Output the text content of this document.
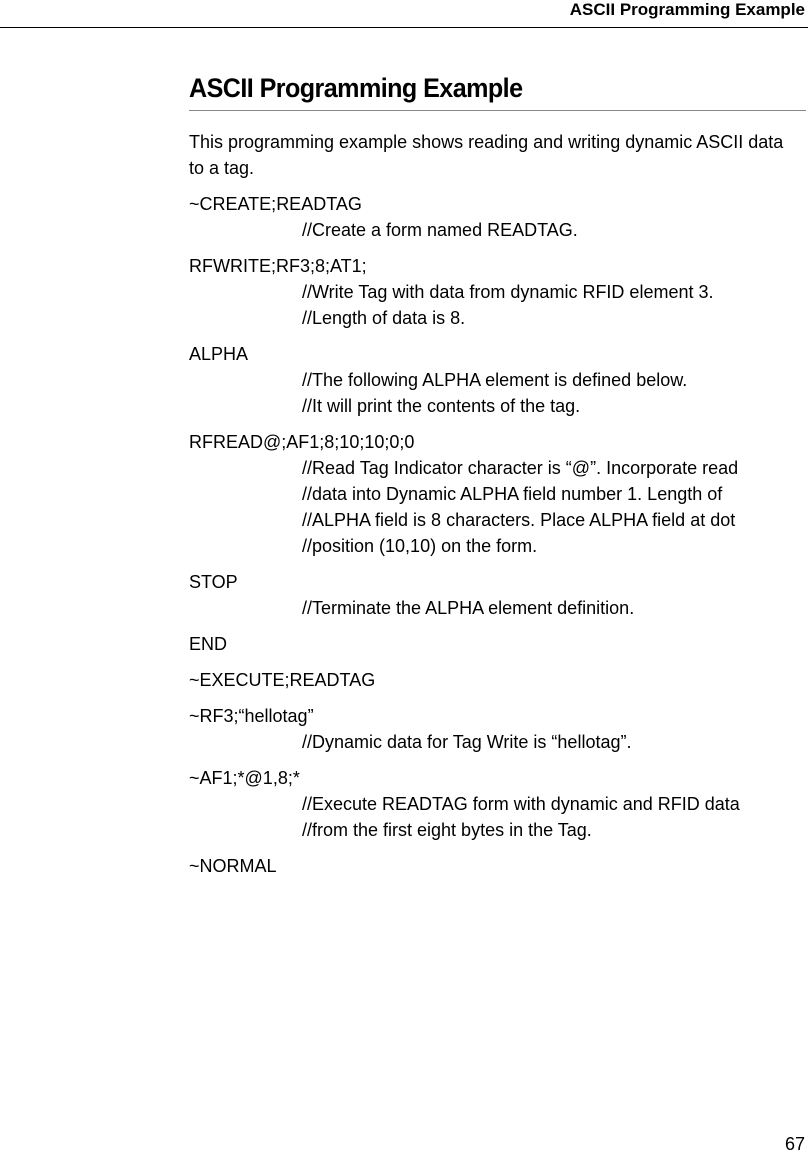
ASCII Programming Example
ASCII Programming Example

This programming example shows reading and writing dynamic ASCII data to a tag.

~CREATE;READTAG
//Create a form named READTAG.
RFWRITE;RF3;8;AT1;
//Write Tag with data from dynamic RFID element 3.
//Length of data is 8.
ALPHA
//The following ALPHA element is defined below.
//It will print the contents of the tag.
RFREAD@;AF1;8;10;10;0;0
//Read Tag Indicator character is “@”. Incorporate read
//data into Dynamic ALPHA field number 1. Length of
//ALPHA field is 8 characters. Place ALPHA field at dot
//position (10,10) on the form.
STOP
//Terminate the ALPHA element definition.
END
~EXECUTE;READTAG
~RF3;“hellotag”
//Dynamic data for Tag Write is “hellotag”.
~AF1;*@1,8;*
//Execute READTAG form with dynamic and RFID data
//from the first eight bytes in the Tag.
~NORMAL
67
